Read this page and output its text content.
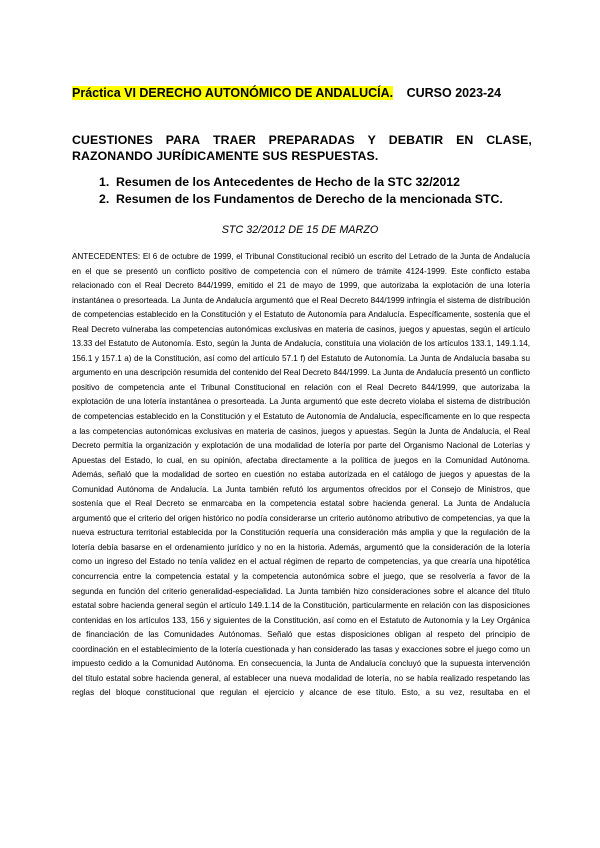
Práctica VI DERECHO AUTONÓMICO DE ANDALUCÍA. CURSO 2023-24
CUESTIONES PARA TRAER PREPARADAS Y DEBATIR EN CLASE,
RAZONANDO JURÍDICAMENTE SUS RESPUESTAS.
1. Resumen de los Antecedentes de Hecho de la STC 32/2012
2. Resumen de los Fundamentos de Derecho de la mencionada STC.
STC 32/2012 DE 15 DE MARZO
ANTECEDENTES: El 6 de octubre de 1999, el Tribunal Constitucional recibió un escrito del Letrado de la Junta de Andalucía en el que se presentó un conflicto positivo de competencia con el número de trámite 4124-1999. Este conflicto estaba relacionado con el Real Decreto 844/1999, emitido el 21 de mayo de 1999, que autorizaba la explotación de una lotería instantánea o presorteada. La Junta de Andalucía argumentó que el Real Decreto 844/1999 infringía el sistema de distribución de competencias establecido en la Constitución y el Estatuto de Autonomía para Andalucía. Específicamente, sostenía que el Real Decreto vulneraba las competencias autonómicas exclusivas en materia de casinos, juegos y apuestas, según el artículo 13.33 del Estatuto de Autonomía. Esto, según la Junta de Andalucía, constituía una violación de los artículos 133.1, 149.1.14, 156.1 y 157.1 a) de la Constitución, así como del artículo 57.1 f) del Estatuto de Autonomía. La Junta de Andalucía basaba su argumento en una descripción resumida del contenido del Real Decreto 844/1999. La Junta de Andalucía presentó un conflicto positivo de competencia ante el Tribunal Constitucional en relación con el Real Decreto 844/1999, que autorizaba la explotación de una lotería instantánea o presorteada. La Junta argumentó que este decreto violaba el sistema de distribución de competencias establecido en la Constitución y el Estatuto de Autonomía de Andalucía, específicamente en lo que respecta a las competencias autonómicas exclusivas en materia de casinos, juegos y apuestas. Según la Junta de Andalucía, el Real Decreto permitía la organización y explotación de una modalidad de lotería por parte del Organismo Nacional de Loterías y Apuestas del Estado, lo cual, en su opinión, afectaba directamente a la política de juegos en la Comunidad Autónoma. Además, señaló que la modalidad de sorteo en cuestión no estaba autorizada en el catálogo de juegos y apuestas de la Comunidad Autónoma de Andalucía. La Junta también refutó los argumentos ofrecidos por el Consejo de Ministros, que sostenía que el Real Decreto se enmarcaba en la competencia estatal sobre hacienda general. La Junta de Andalucía argumentó que el criterio del origen histórico no podía considerarse un criterio autónomo atributivo de competencias, ya que la nueva estructura territorial establecida por la Constitución requería una consideración más amplia y que la regulación de la lotería debía basarse en el ordenamiento jurídico y no en la historia. Además, argumentó que la consideración de la lotería como un ingreso del Estado no tenía validez en el actual régimen de reparto de competencias, ya que crearía una hipotética concurrencia entre la competencia estatal y la competencia autonómica sobre el juego, que se resolvería a favor de la segunda en función del criterio generalidad-especialidad. La Junta también hizo consideraciones sobre el alcance del título estatal sobre hacienda general según el artículo 149.1.14 de la Constitución, particularmente en relación con las disposiciones contenidas en los artículos 133, 156 y siguientes de la Constitución, así como en el Estatuto de Autonomía y la Ley Orgánica de financiación de las Comunidades Autónomas. Señaló que estas disposiciones obligan al respeto del principio de coordinación en el establecimiento de la lotería cuestionada y han considerado las tasas y exacciones sobre el juego como un impuesto cedido a la Comunidad Autónoma. En consecuencia, la Junta de Andalucía concluyó que la supuesta intervención del título estatal sobre hacienda general, al establecer una nueva modalidad de lotería, no se había realizado respetando las reglas del bloque constitucional que regulan el ejercicio y alcance de ese título. Esto, a su vez, resultaba en el
